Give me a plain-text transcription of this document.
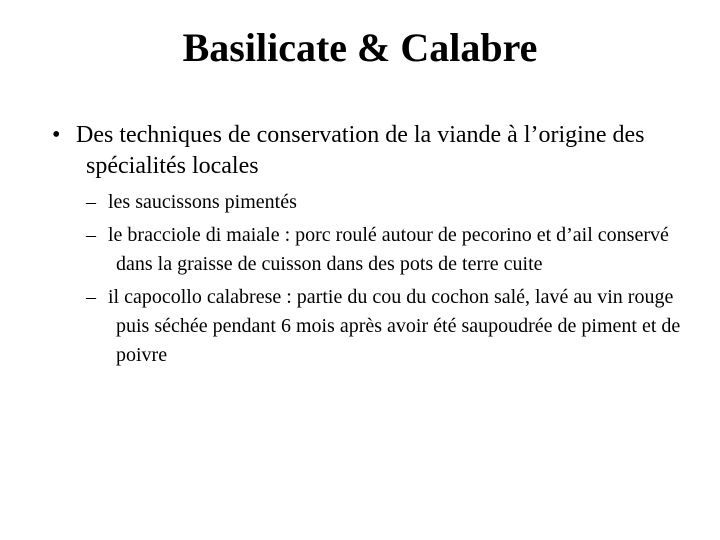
Basilicate & Calabre
• Des techniques de conservation de la viande à l’origine des spécialités locales
– les saucissons pimentés
– le bracciole di maiale : porc roulé autour de pecorino et d’ail conservé dans la graisse de cuisson dans des pots de terre cuite
– il capocollo calabrese : partie du cou du cochon salé, lavé au vin rouge puis séchée pendant 6 mois après avoir été saupoudrée de piment et de poivre
